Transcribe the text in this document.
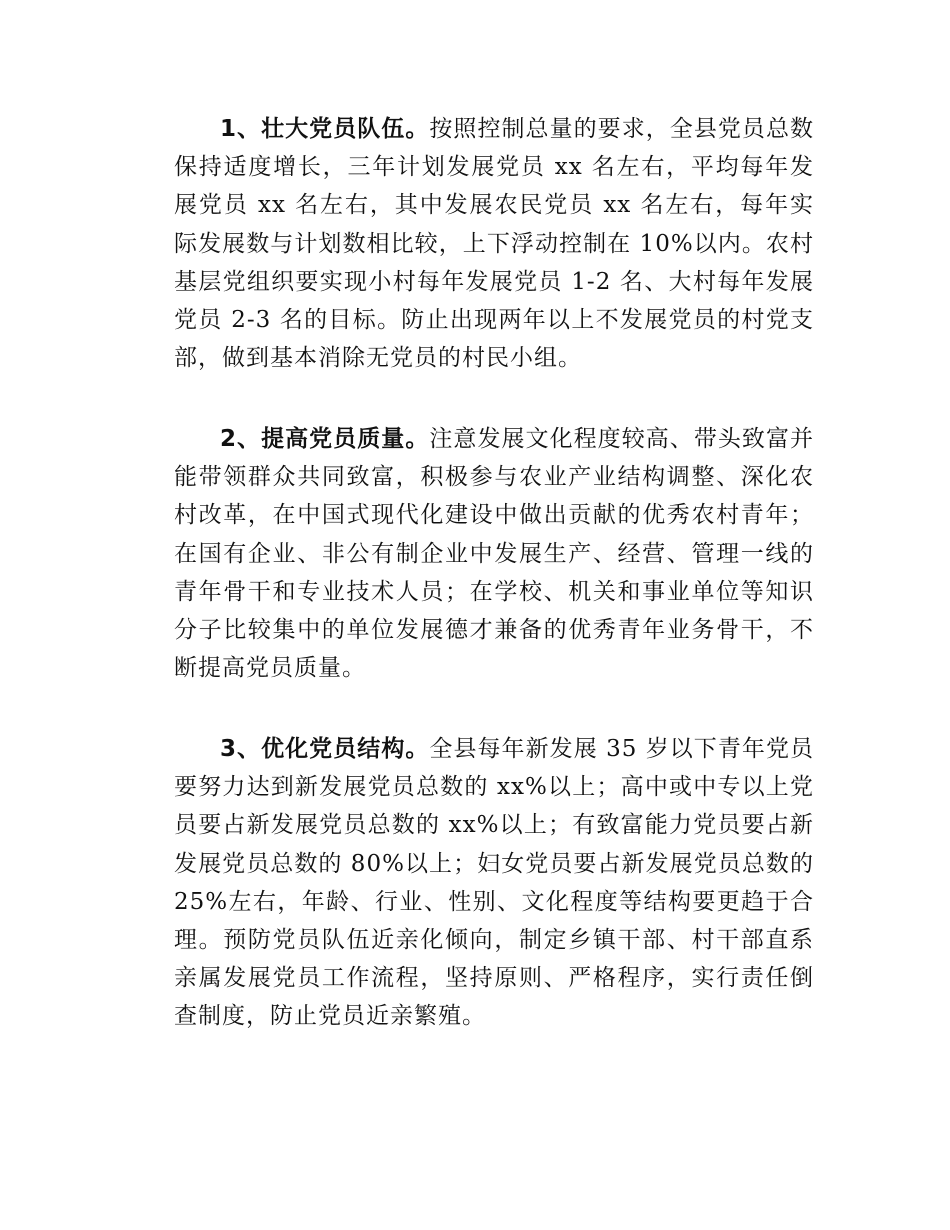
1、壮大党员队伍。按照控制总量的要求，全县党员总数保持适度增长，三年计划发展党员 xx 名左右，平均每年发展党员 xx 名左右，其中发展农民党员 xx 名左右，每年实际发展数与计划数相比较，上下浮动控制在 10%以内。农村基层党组织要实现小村每年发展党员 1-2 名、大村每年发展党员 2-3 名的目标。防止出现两年以上不发展党员的村党支部，做到基本消除无党员的村民小组。

2、提高党员质量。注意发展文化程度较高、带头致富并能带领群众共同致富，积极参与农业产业结构调整、深化农村改革，在中国式现代化建设中做出贡献的优秀农村青年；在国有企业、非公有制企业中发展生产、经营、管理一线的青年骨干和专业技术人员；在学校、机关和事业单位等知识分子比较集中的单位发展德才兼备的优秀青年业务骨干，不断提高党员质量。

3、优化党员结构。全县每年新发展 35 岁以下青年党员要努力达到新发展党员总数的 xx%以上；高中或中专以上党员要占新发展党员总数的 xx%以上；有致富能力党员要占新发展党员总数的 80%以上；妇女党员要占新发展党员总数的 25%左右，年龄、行业、性别、文化程度等结构要更趋于合理。预防党员队伍近亲化倾向，制定乡镇干部、村干部直系亲属发展党员工作流程，坚持原则、严格程序，实行责任倒查制度，防止党员近亲繁殖。
